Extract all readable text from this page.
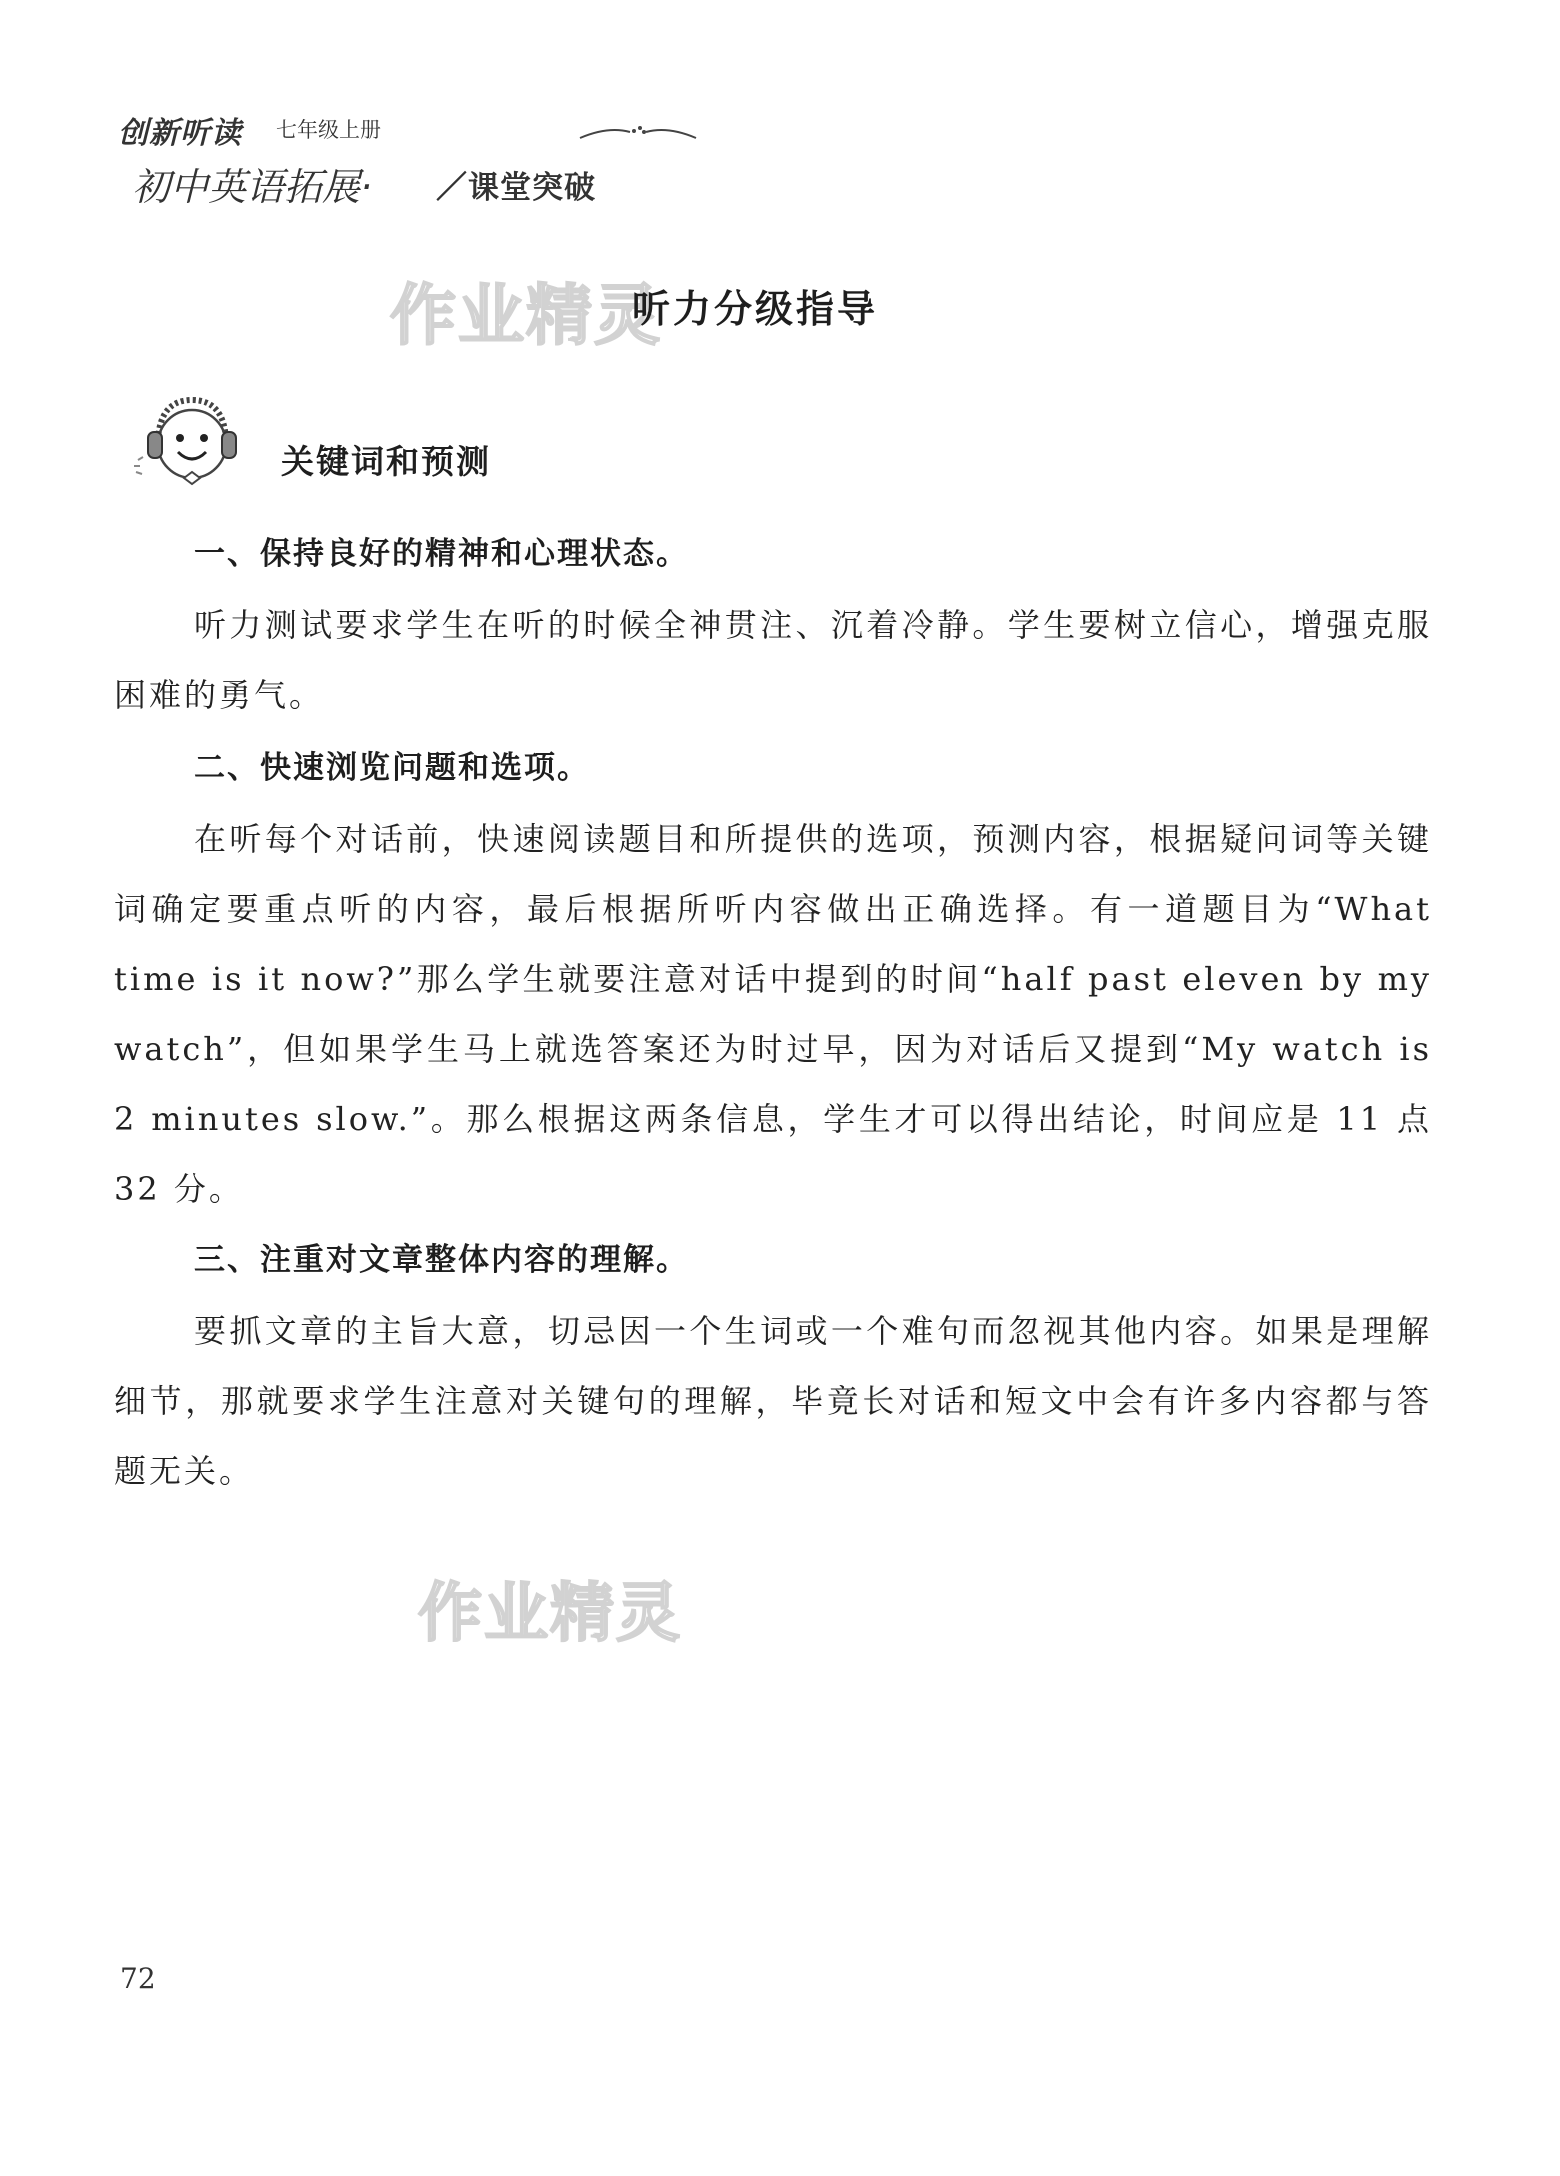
创新听读 七年级上册
初中英语拓展· ／课堂突破
作业精灵
听力分级指导
关键词和预测
一、保持良好的精神和心理状态。

听力测试要求学生在听的时候全神贯注、沉着冷静。学生要树立信心，增强克服困难的勇气。

二、快速浏览问题和选项。

在听每个对话前，快速阅读题目和所提供的选项，预测内容，根据疑问词等关键词确定要重点听的内容，最后根据所听内容做出正确选择。有一道题目为“What time is it now?”那么学生就要注意对话中提到的时间“half past eleven by my watch”，但如果学生马上就选答案还为时过早，因为对话后又提到“My watch is 2 minutes slow.”。那么根据这两条信息，学生才可以得出结论，时间应是 11 点 32 分。

三、注重对文章整体内容的理解。

要抓文章的主旨大意，切忌因一个生词或一个难句而忽视其他内容。如果是理解细节，那就要求学生注意对关键句的理解，毕竟长对话和短文中会有许多内容都与答题无关。

作业精灵
72
